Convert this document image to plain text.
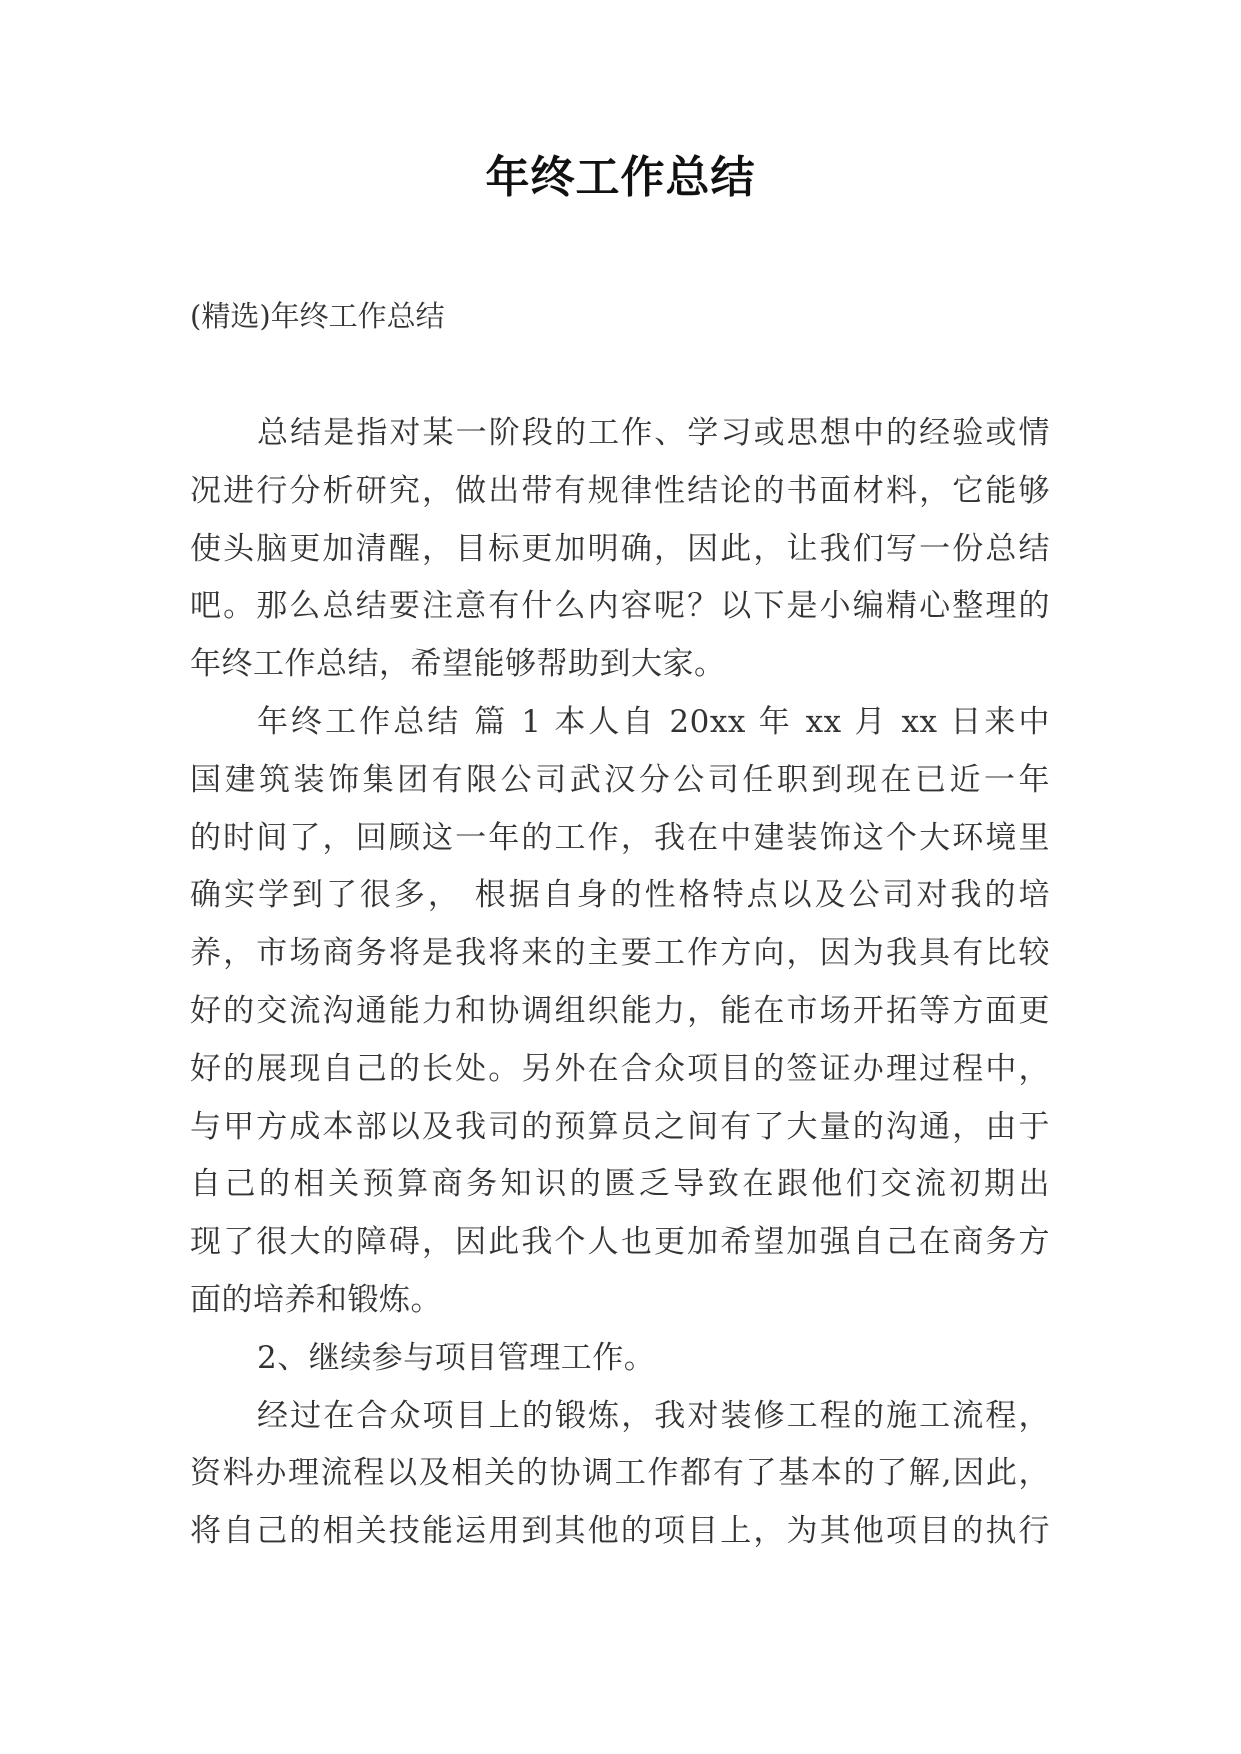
年终工作总结
(精选)年终工作总结
总结是指对某一阶段的工作、学习或思想中的经验或情
况进行分析研究，做出带有规律性结论的书面材料，它能够
使头脑更加清醒，目标更加明确，因此，让我们写一份总结
吧。那么总结要注意有什么内容呢？以下是小编精心整理的
年终工作总结，希望能够帮助到大家。
年终工作总结 篇 1 本人自 20xx 年 xx 月 xx 日来中
国建筑装饰集团有限公司武汉分公司任职到现在已近一年
的时间了，回顾这一年的工作，我在中建装饰这个大环境里
确实学到了很多， 根据自身的性格特点以及公司对我的培
养，市场商务将是我将来的主要工作方向，因为我具有比较
好的交流沟通能力和协调组织能力，能在市场开拓等方面更
好的展现自己的长处。另外在合众项目的签证办理过程中，
与甲方成本部以及我司的预算员之间有了大量的沟通，由于
自己的相关预算商务知识的匮乏导致在跟他们交流初期出
现了很大的障碍，因此我个人也更加希望加强自己在商务方
面的培养和锻炼。
2、继续参与项目管理工作。
经过在合众项目上的锻炼，我对装修工程的施工流程，
资料办理流程以及相关的协调工作都有了基本的了解,因此，
将自己的相关技能运用到其他的项目上，为其他项目的执行
